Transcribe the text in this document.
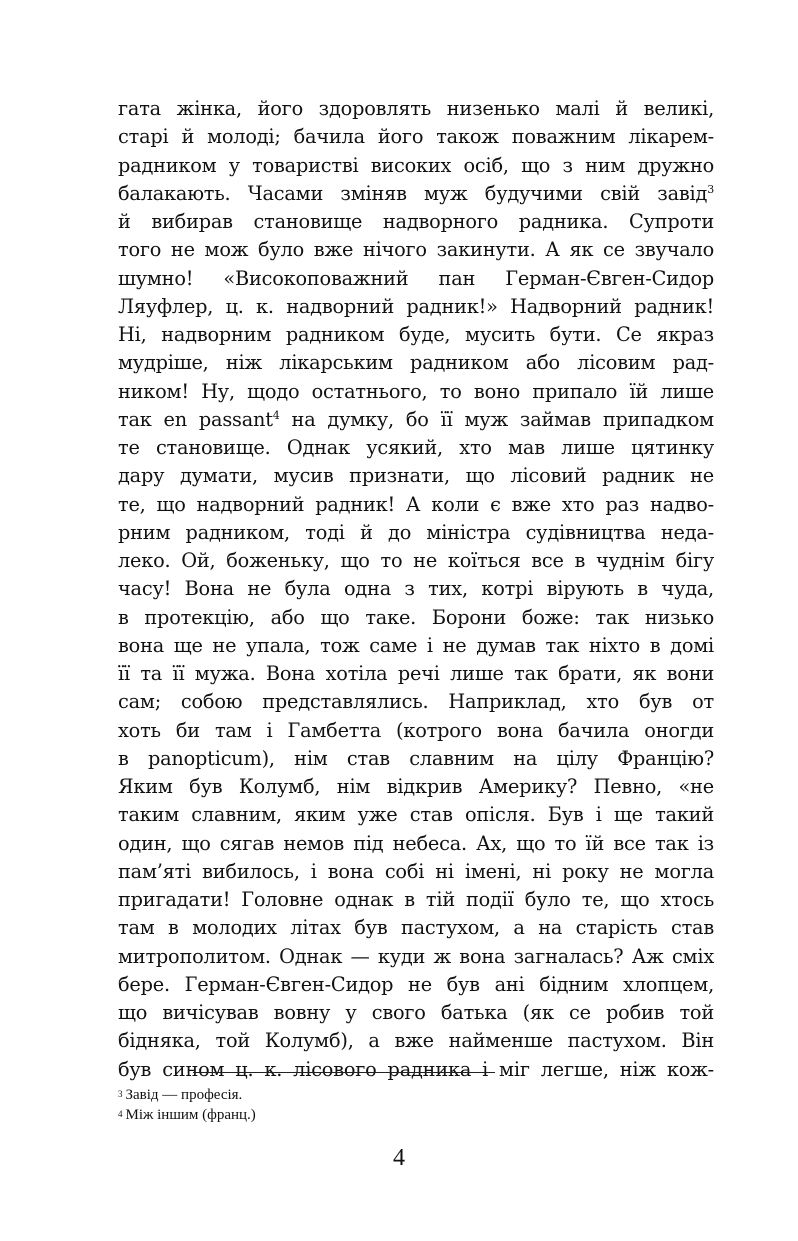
гата жінка, його здоровлять низенько малі й великі,
старі й молоді; бачила його також поважним лікарем-
радником у товаристві високих осіб, що з ним дружно
балакають. Часами зміняв муж будучими свій завід$^3$
й вибирав становище надворного радника. Супроти
того не мож було вже нічого закинути. А як се звучало
шумно! «Високоповажний пан Герман-Євген-Сидор
Ляуфлер, ц. к. надворний радник!» Надворний радник!
Ні, надворним радником буде, мусить бути. Се якраз
мудріше, ніж лікарським радником або лісовим рад-
ником! Ну, щодо остатнього, то воно припало їй лише
так en passant$^4$ на думку, бо її муж займав припадком
те становище. Однак усякий, хто мав лише цятинку
дару думати, мусив признати, що лісовий радник не
те, що надворний радник! А коли є вже хто раз надво-
рним радником, тоді й до міністра судівництва неда-
леко. Ой, боженьку, що то не коїться все в чуднім бігу
часу! Вона не була одна з тих, котрі вірують в чуда,
в протекцію, або що таке. Борони боже: так низько
вона ще не упала, тож саме і не думав так ніхто в домі
її та її мужа. Вона хотіла речі лише так брати, як вони
сам; собою представлялись. Наприклад, хто був от
хоть би там і Гамбетта (котрого вона бачила оногди
в panopticum), нім став славним на цілу Францію?
Яким був Колумб, нім відкрив Америку? Певно, «не
таким славним, яким уже став опісля. Був і ще такий
один, що сягав немов під небеса. Ах, що то їй все так із
пам’яті вибилось, і вона собі ні імені, ні року не могла
пригадати! Головне однак в тій події було те, що хтось
там в молодих літах був пастухом, а на старість став
митрополитом. Однак — куди ж вона загналась? Аж сміх
бере. Герман-Євген-Сидор не був ані бідним хлопцем,
що вичісував вовну у свого батька (як се робив той
бідняка, той Колумб), а вже найменше пастухом. Він
був сином ц. к. лісового радника і міг легше, ніж кож-
3 Завід — професія.
4 Між іншим (франц.)
4
